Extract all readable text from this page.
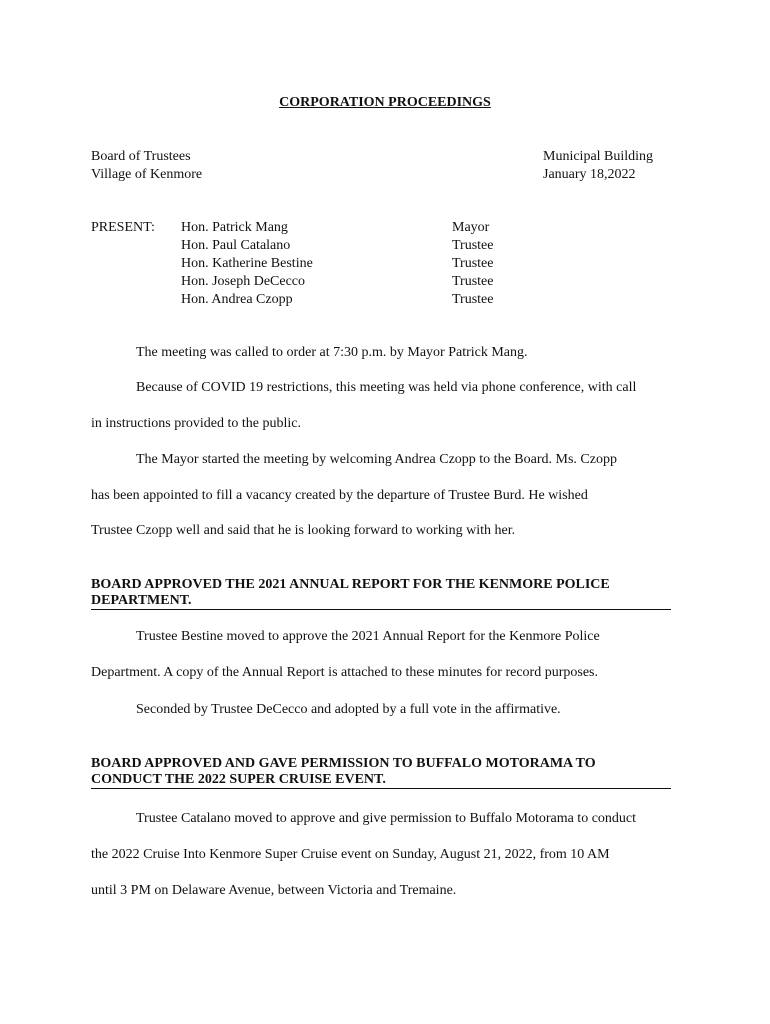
CORPORATION PROCEEDINGS
Board of Trustees
Village of Kenmore
Municipal Building
January 18,2022
PRESENT: Hon. Patrick Mang
Hon. Paul Catalano
Hon. Katherine Bestine
Hon. Joseph DeCecco
Hon. Andrea Czopp
Mayor
Trustee
Trustee
Trustee
Trustee
The meeting was called to order at 7:30 p.m. by Mayor Patrick Mang.
Because of COVID 19 restrictions, this meeting was held via phone conference, with call
in instructions provided to the public.
The Mayor started the meeting by welcoming Andrea Czopp to the Board. Ms. Czopp
has been appointed to fill a vacancy created by the departure of Trustee Burd. He wished
Trustee Czopp well and said that he is looking forward to working with her.
BOARD APPROVED THE 2021 ANNUAL REPORT FOR THE KENMORE POLICE
DEPARTMENT.
Trustee Bestine moved to approve the 2021 Annual Report for the Kenmore Police
Department. A copy of the Annual Report is attached to these minutes for record purposes.
Seconded by Trustee DeCecco and adopted by a full vote in the affirmative.
BOARD APPROVED AND GAVE PERMISSION TO BUFFALO MOTORAMA TO
CONDUCT THE 2022 SUPER CRUISE EVENT.
Trustee Catalano moved to approve and give permission to Buffalo Motorama to conduct
the 2022 Cruise Into Kenmore Super Cruise event on Sunday, August 21, 2022, from 10 AM
until 3 PM on Delaware Avenue, between Victoria and Tremaine.
